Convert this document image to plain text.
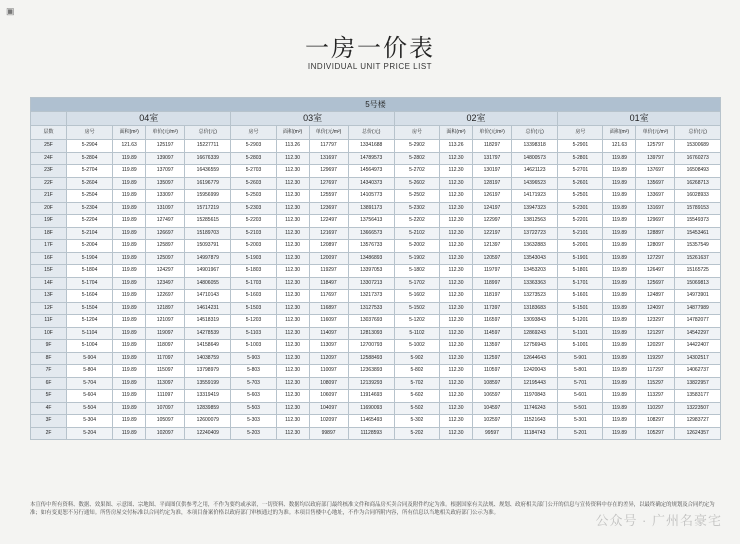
▣
一房一价表
INDIVIDUAL UNIT PRICE LIST
5号楼																
	04室				03室				02室				01室			
层数	房号	面积(m²)	单价(元/m²)	总价(元)	房号	面积(m²)	单价(元/m²)	总价(元)	房号	面积(m²)	单价(元/m²)	总价(元)	房号	面积(m²)	单价(元/m²)	总价(元)
25F	5-2904	121.63	125197	15227711	5-2903	113.26	117797	13341688	5-2902	113.26	118297	13398318	5-2901	121.63	125797	15300689
24F	5-2804	119.89	139097	16676339	5-2803	112.30	131697	14789573	5-2802	112.30	131797	14800573	5-2801	119.89	139797	16760273
23F	5-2704	119.89	137097	16436559	5-2703	112.30	129697	14564973	5-2702	112.30	130197	14621123	5-2701	119.89	137697	16508493
22F	5-2604	119.89	135097	16196779	5-2603	112.30	127697	14340373	5-2602	112.30	128197	14396523	5-2601	119.89	135697	16268713
21F	5-2504	119.89	133097	15956999	5-2503	112.30	125597	14105773	5-2502	112.30	126197	14171923	5-2501	119.89	133697	16028933
20F	5-2304	119.89	131097	15717219	5-2303	112.30	123697	13891173	5-2302	112.30	124197	13947323	5-2301	119.89	131697	15789153
19F	5-2204	119.89	127497	15285615	5-2203	112.30	122497	13756413	5-2202	112.30	122997	13812563	5-2201	119.89	129697	15549373
18F	5-2104	119.89	126697	15189703	5-2103	112.30	121697	13666573	5-2102	112.30	122197	13722723	5-2101	119.89	128897	15453461
17F	5-2004	119.89	125897	15093791	5-2003	112.30	120897	13576733	5-2002	112.30	121397	13632883	5-2001	119.89	128097	15357549
16F	5-1904	119.89	125097	14997879	5-1903	112.30	120097	13486893	5-1902	112.30	120597	13543043	5-1901	119.89	127297	15261637
15F	5-1804	119.89	124297	14901967	5-1803	112.30	119297	13397053	5-1802	112.30	119797	13453203	5-1801	119.89	126497	15165725
14F	5-1704	119.89	123497	14806055	5-1703	112.30	118497	13307213	5-1702	112.30	118997	13363363	5-1701	119.89	125697	15069813
13F	5-1604	119.89	122697	14710143	5-1603	112.30	117697	13217373	5-1602	112.30	118197	13273523	5-1601	119.89	124897	14973901
12F	5-1504	119.89	121897	14614231	5-1503	112.30	116897	13127533	5-1502	112.30	117397	13183683	5-1501	119.89	124097	14877989
11F	5-1204	119.89	121097	14518319	5-1203	112.30	116097	13037693	5-1202	112.30	116597	13093843	5-1201	119.89	123297	14782077
10F	5-1104	119.89	119097	14278539	5-1103	112.30	114097	12813093	5-1102	112.30	114597	12869243	5-1101	119.89	121297	14542297
9F	5-1004	119.89	118097	14158649	5-1003	112.30	113097	12700793	5-1002	112.30	113597	12756943	5-1001	119.89	120297	14422407
8F	5-904	119.89	117097	14038759	5-903	112.30	112097	12588493	5-902	112.30	112597	12644643	5-901	119.89	119297	14302517
7F	5-804	119.89	115097	13798979	5-803	112.30	110097	12363893	5-802	112.30	110597	12420043	5-801	119.89	117297	14062737
6F	5-704	119.89	113097	13559199	5-703	112.30	108097	12139293	5-702	112.30	108597	12195443	5-701	119.89	115297	13822957
5F	5-604	119.89	111097	13319419	5-603	112.30	106097	11914693	5-602	112.30	106597	11970843	5-601	119.89	113297	13583177
4F	5-504	119.89	107097	12839859	5-503	112.30	104097	11690093	5-502	112.30	104597	11746243	5-501	119.89	110297	13223507
3F	5-304	119.89	105097	12600079	5-303	112.30	102097	11465493	5-302	112.30	102597	11521643	5-301	119.89	108297	12983727
2F	5-204	119.89	102097	12240409	5-203	112.30	99897	11128593	5-202	112.30	99597	11184743	5-201	119.89	105297	12624357
本宣传中所有资料、数据、效果图、示意图、宗地图、平面图仅供参考之用，不作为要约或承诺，一切资料、数据均以政府部门最终核准文件和商品房买卖合同及附件约定为准。根据国家有关法规、规划、政府相关部门公开的信息与宣传资料中存在的差异，以最终确定的规划及合同约定为准；如有变更恕不另行通知。所售房屋交付标准以合同约定为准，本项目备案价格以政府部门审核通过的为准。本项目售楼中心地址，不作为合同所附内容，所有信息以当地相关政府部门公示为准。	公众号 · 广州名豪宅
